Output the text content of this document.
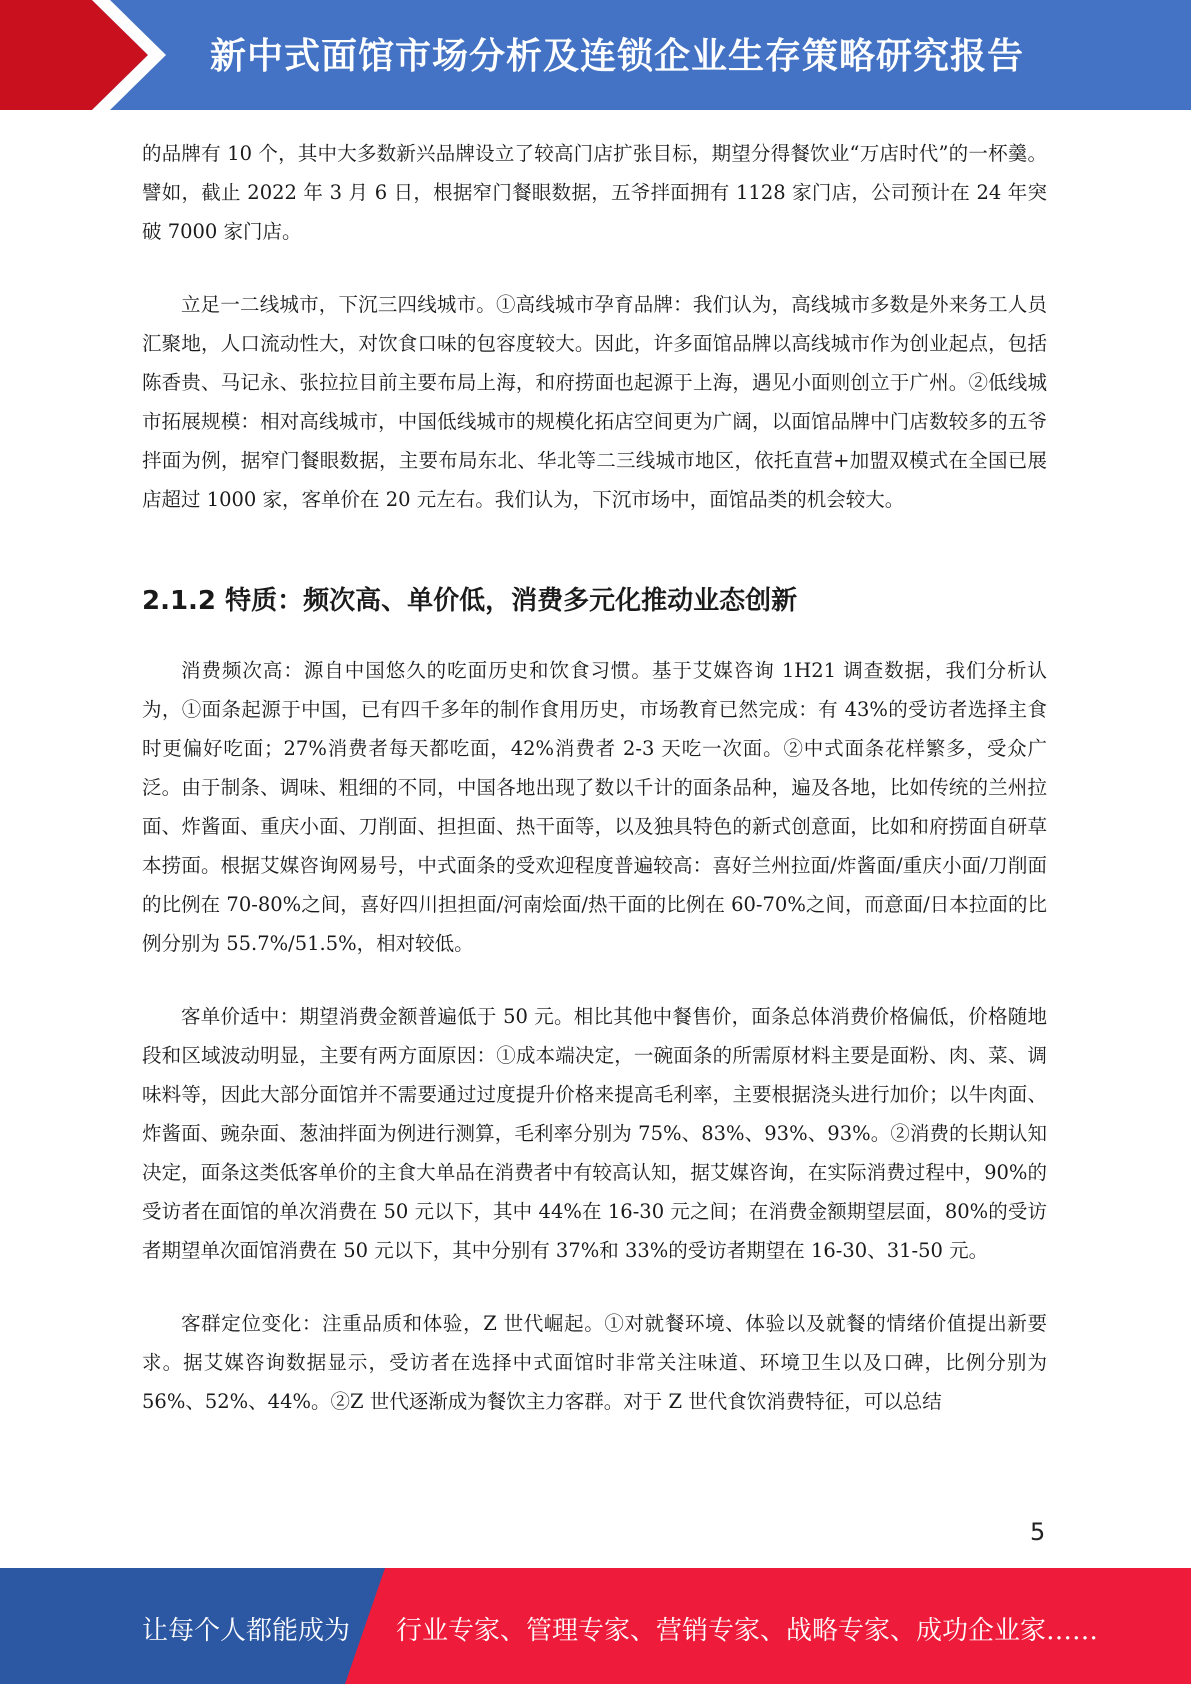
新中式面馆市场分析及连锁企业生存策略研究报告

的品牌有 10 个，其中大多数新兴品牌设立了较高门店扩张目标，期望分得餐饮业“万店时代”的一杯羹。譬如，截止 2022 年 3 月 6 日，根据窄门餐眼数据，五爷拌面拥有 1128 家门店，公司预计在 24 年突破 7000 家门店。

立足一二线城市，下沉三四线城市。①高线城市孕育品牌：我们认为，高线城市多数是外来务工人员汇聚地，人口流动性大，对饮食口味的包容度较大。因此，许多面馆品牌以高线城市作为创业起点，包括陈香贵、马记永、张拉拉目前主要布局上海，和府捞面也起源于上海，遇见小面则创立于广州。②低线城市拓展规模：相对高线城市，中国低线城市的规模化拓店空间更为广阔，以面馆品牌中门店数较多的五爷拌面为例，据窄门餐眼数据，主要布局东北、华北等二三线城市地区，依托直营+加盟双模式在全国已展店超过 1000 家，客单价在 20 元左右。我们认为，下沉市场中，面馆品类的机会较大。

2.1.2 特质：频次高、单价低，消费多元化推动业态创新

消费频次高：源自中国悠久的吃面历史和饮食习惯。基于艾媒咨询 1H21 调查数据，我们分析认为，①面条起源于中国，已有四千多年的制作食用历史，市场教育已然完成：有 43%的受访者选择主食时更偏好吃面；27%消费者每天都吃面，42%消费者 2-3 天吃一次面。②中式面条花样繁多，受众广泛。由于制条、调味、粗细的不同，中国各地出现了数以千计的面条品种，遍及各地，比如传统的兰州拉面、炸酱面、重庆小面、刀削面、担担面、热干面等，以及独具特色的新式创意面，比如和府捞面自研草本捞面。根据艾媒咨询网易号，中式面条的受欢迎程度普遍较高：喜好兰州拉面/炸酱面/重庆小面/刀削面的比例在 70-80%之间，喜好四川担担面/河南烩面/热干面的比例在 60-70%之间，而意面/日本拉面的比例分别为 55.7%/51.5%，相对较低。

客单价适中：期望消费金额普遍低于 50 元。相比其他中餐售价，面条总体消费价格偏低，价格随地段和区域波动明显，主要有两方面原因：①成本端决定，一碗面条的所需原材料主要是面粉、肉、菜、调味料等，因此大部分面馆并不需要通过过度提升价格来提高毛利率，主要根据浇头进行加价；以牛肉面、炸酱面、豌杂面、葱油拌面为例进行测算，毛利率分别为 75%、83%、93%、93%。②消费的长期认知决定，面条这类低客单价的主食大单品在消费者中有较高认知，据艾媒咨询，在实际消费过程中，90%的受访者在面馆的单次消费在 50 元以下，其中 44%在 16-30 元之间；在消费金额期望层面，80%的受访者期望单次面馆消费在 50 元以下，其中分别有 37%和 33%的受访者期望在 16-30、31-50 元。

客群定位变化：注重品质和体验，Z 世代崛起。①对就餐环境、体验以及就餐的情绪价值提出新要求。据艾媒咨询数据显示，受访者在选择中式面馆时非常关注味道、环境卫生以及口碑，比例分别为 56%、52%、44%。②Z 世代逐渐成为餐饮主力客群。对于 Z 世代食饮消费特征，可以总结

5
让每个人都能成为 行业专家、管理专家、营销专家、战略专家、成功企业家……
